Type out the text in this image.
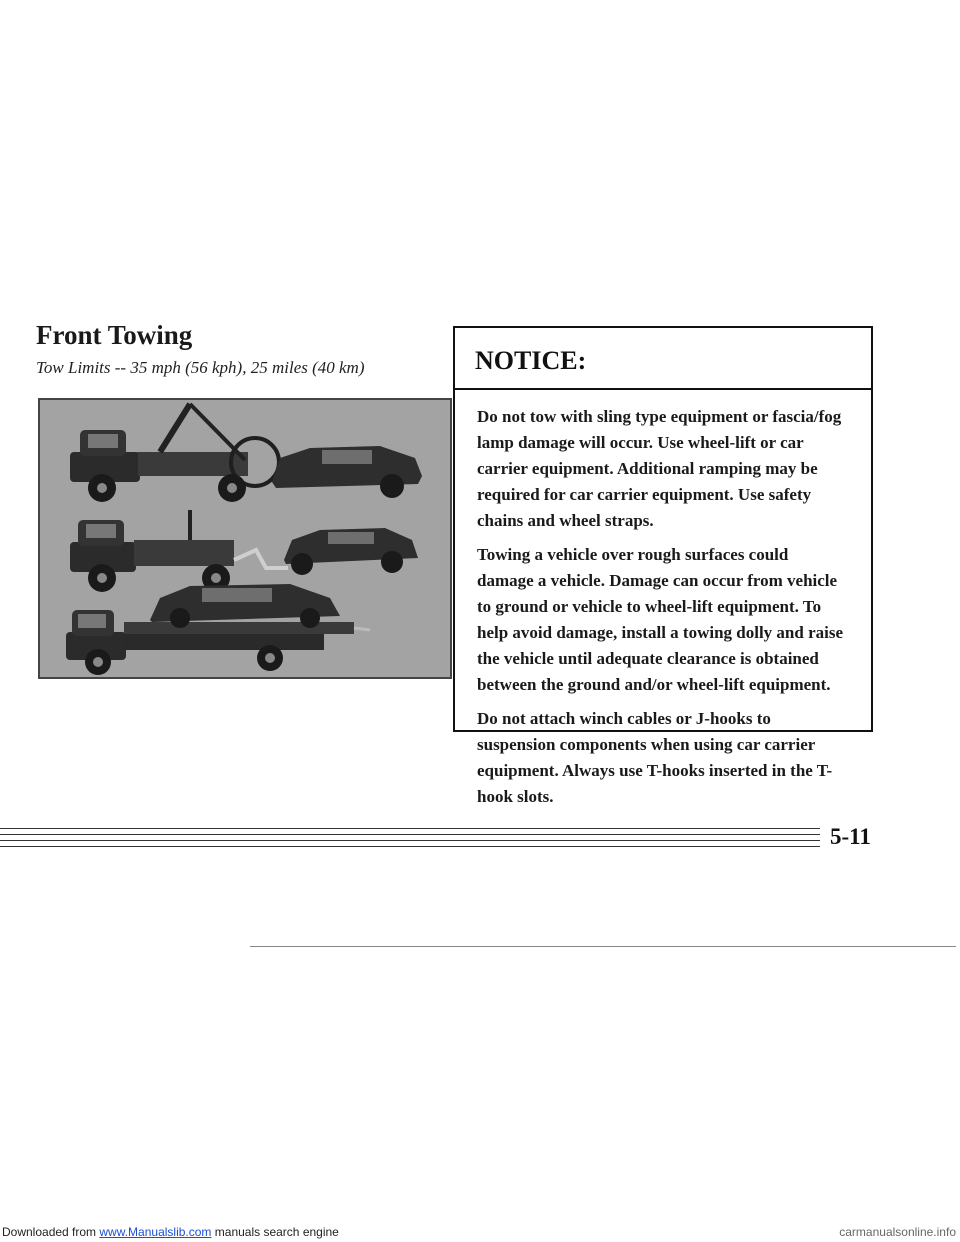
Front Towing

Tow Limits -- 35 mph (56 kph), 25 miles (40 km)	NOTICE:

Do not tow with sling type equipment or fascia/fog lamp damage will occur. Use wheel-lift or car carrier equipment. Additional ramping may be required for car carrier equipment. Use safety chains and wheel straps.

Towing a vehicle over rough surfaces could damage a vehicle. Damage can occur from vehicle to ground or vehicle to wheel-lift equipment. To help avoid damage, install a towing dolly and raise the vehicle until adequate clearance is obtained between the ground and/or wheel-lift equipment.

Do not attach winch cables or J-hooks to suspension components when using car carrier equipment. Always use T-hooks inserted in the T-hook slots.

5-11
Downloaded from www.Manualslib.com manuals search engine	carmanualsonline.info
